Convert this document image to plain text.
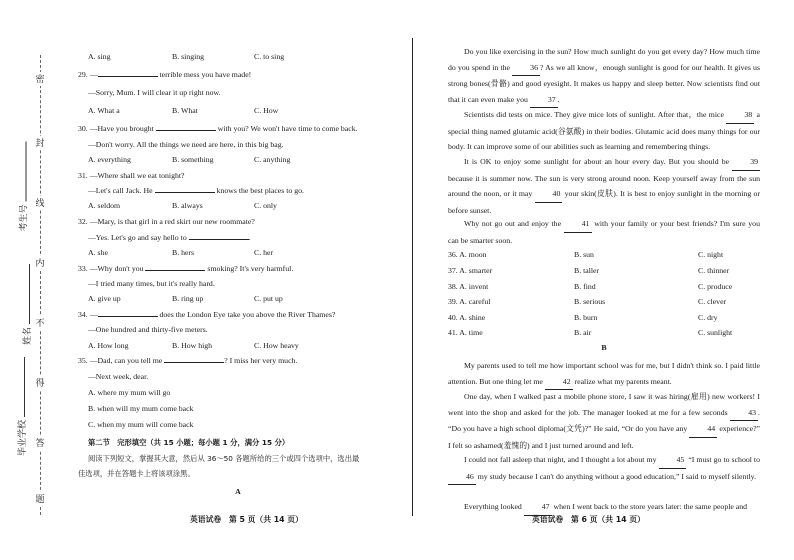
密
封
线
内
不
得
答
题
考生号
姓名
毕业学校
A. sing	B. singing	C. to sing
29. —	terrible mess you have made!
—Sorry, Mum. I will clear it up right now.
A. What a	B. What	C. How
30. —Have you brought	with you? We won't have time to come back.
—Don't worry. All the things we need are here, in this big bag.
A. everything	B. something	C. anything
31. —Where shall we eat tonight?
—Let's call Jack. He	knows the best places to go.
A. seldom	B. always	C. only
32. —Mary, is that girl in a red skirt our new roommate?
—Yes. Let's go and say hello to	.
A. she	B. hers	C. her
33. —Why don't you	smoking? It's very harmful.
—I tried many times, but it's really hard.
A. give up	B. ring up	C. put up
34. —	does the London Eye take you above the River Thames?
—One hundred and thirty-five meters.
A. How long	B. How high	C. How heavy
35. —Dad, can you tell me	? I miss her very much.
—Next week, dear.
A. where my mum will go
B. when will my mum come back
C. when my mum will come back
第二节　完形填空（共 15 小题；每小题 1 分，满分 15 分）
阅读下列短文，掌握其大意，然后从 36～50 各题所给的三个或四个选项中，选出最
佳选项，并在答题卡上将该项涂黑。
A
英语试卷　第 5 页（共 14 页）
Do you like exercising in the sun? How much sunlight do you get every day? How much time do you spend in the 36 ? As we all know，enough sunlight is good for our health. It gives us strong bones(骨骼) and good eyesight. It makes us happy and sleep better. Now scientists find out that it can even make you 37 .
Scientists did tests on mice. They give mice lots of sunlight. After that，the mice 38 a special thing named glutamic acid(谷氨酸) in their bodies. Glutamic acid does many things for our body. It can improve some of our abilities such as learning and remembering things.
It is OK to enjoy some sunlight for about an hour every day. But you should be 39 because it is summer now. The sun is very strong around noon. Keep yourself away from the sun around the noon, or it may 40 your skin(皮肤). It is best to enjoy sunlight in the morning or before sunset.
Why not go out and enjoy the 41 with your family or your best friends? I'm sure you can be smarter soon.
36. A. moon	B. sun	C. night
37. A. smarter	B. taller	C. thinner
38. A. invent	B. find	C. produce
39. A. careful	B. serious	C. clever
40. A. shine	B. burn	C. dry
41. A. time	B. air	C. sunlight
B
My parents used to tell me how important school was for me, but I didn't think so. I paid little attention. But one thing let me 42 realize what my parents meant.
One day, when I walked past a mobile phone store, I saw it was hiring(雇用) new workers! I went into the shop and asked for the job. The manager looked at me for a few seconds 43 . “Do you have a high school diploma(文凭)?” He said, “Or do you have any 44 experience?” I felt so ashamed(羞愧的) and I just turned around and left.
I could not fall asleep that night, and I thought a lot about my 45 “I must go to school to 46 my study because I can't do anything without a good education,” I said to myself silently.
Everything looked 47 when I went back to the store years later: the same people and
英语试卷　第 6 页（共 14 页）
